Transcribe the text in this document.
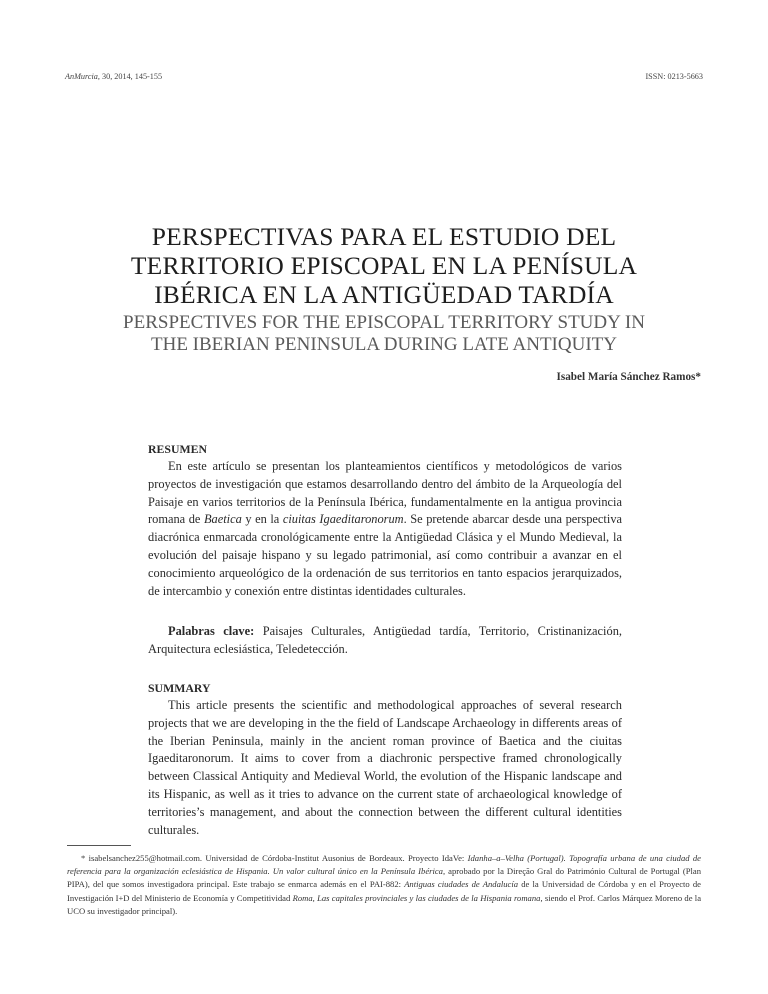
AnMurcia, 30, 2014, 145-155	ISSN: 0213-5663
PERSPECTIVAS PARA EL ESTUDIO DEL
TERRITORIO EPISCOPAL EN LA PENÍSULA
IBÉRICA EN LA ANTIGÜEDAD TARDÍA
PERSPECTIVES FOR THE EPISCOPAL TERRITORY STUDY IN
THE IBERIAN PENINSULA DURING LATE ANTIQUITY
Isabel María Sánchez Ramos*
RESUMEN

En este artículo se presentan los planteamientos científicos y metodológicos de varios proyectos de investigación que estamos desarrollando dentro del ámbito de la Arqueología del Paisaje en varios territorios de la Península Ibérica, fundamentalmente en la antigua provincia romana de Baetica y en la ciuitas Igaeditaronorum. Se pretende abarcar desde una perspectiva diacrónica enmarcada cronológicamente entre la Antigüedad Clásica y el Mundo Medieval, la evolución del paisaje hispano y su legado patrimonial, así como contribuir a avanzar en el conocimiento arqueológico de la ordenación de sus territorios en tanto espacios jerarquizados, de intercambio y conexión entre distintas identidades culturales.

Palabras clave: Paisajes Culturales, Antigüedad tardía, Territorio, Cristinanización, Arquitectura eclesiástica, Teledetección.

SUMMARY

This article presents the scientific and methodological approaches of several research projects that we are developing in the the field of Landscape Archaeology in differents areas of the Iberian Peninsula, mainly in the ancient roman province of Baetica and the ciuitas Igaeditaronorum. It aims to cover from a diachronic perspective framed chronologically between Classical Antiquity and Medieval World, the evolution of the Hispanic landscape and its Hispanic, as well as it tries to advance on the current state of archaeological knowledge of territories’s management, and about the connection between the different cultural identities culturales.

* isabelsanchez255@hotmail.com. Universidad de Córdoba-Institut Ausonius de Bordeaux. Proyecto IdaVe: Idanha–a–Velha (Portugal). Topografía urbana de una ciudad de referencia para la organización eclesiástica de Hispania. Un valor cultural único en la Península Ibérica, aprobado por la Direção Gral do Património Cultural de Portugal (Plan PIPA), del que somos investigadora principal. Este trabajo se enmarca además en el PAI-882: Antiguas ciudades de Andalucía de la Universidad de Córdoba y en el Proyecto de Investigación I+D del Ministerio de Economía y Competitividad Roma, Las capitales provinciales y las ciudades de la Hispania romana, siendo el Prof. Carlos Márquez Moreno de la UCO su investigador principal).
